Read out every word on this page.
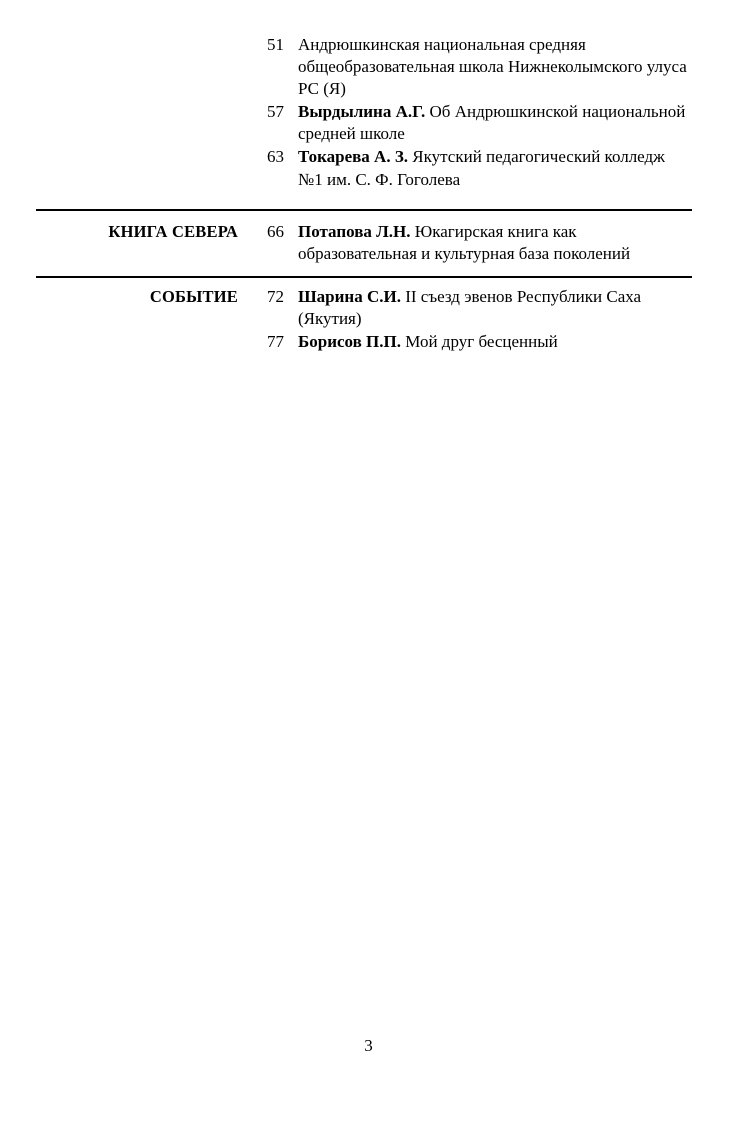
51 Андрюшкинская национальная средняя общеобразовательная школа Нижнеколымского улуса РС (Я)
57 Вырдылина А.Г. Об Андрюшкинской национальной средней школе
63 Токарева А. З. Якутский педагогический колледж №1 им. С. Ф. Гоголева
КНИГА СЕВЕРА	66 Потапова Л.Н. Юкагирская книга как образовательная и культурная база поколений
СОБЫТИЕ	72 Шарина С.И. II съезд эвенов Республики Саха (Якутия)
77 Борисов П.П. Мой друг бесценный
3
